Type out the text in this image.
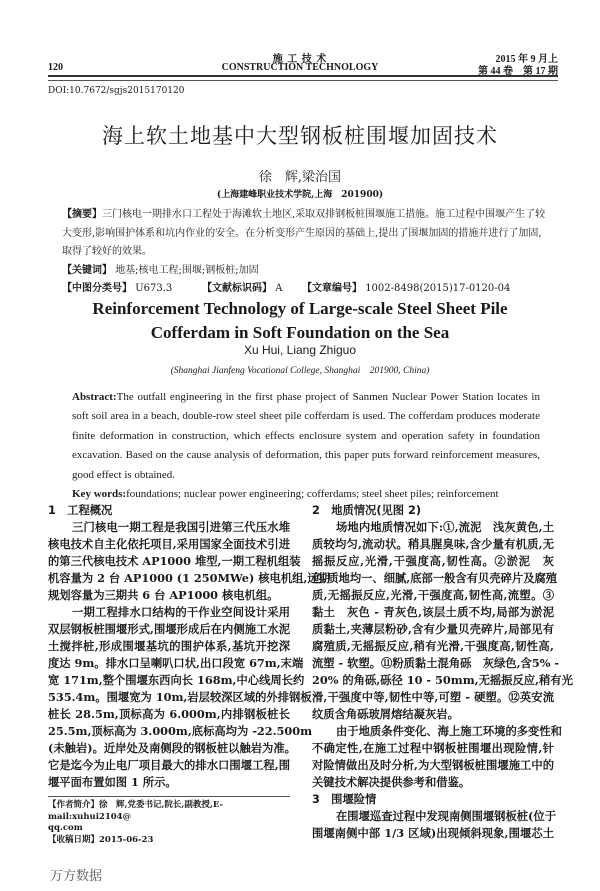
120
施 工 技 术
CONSTRUCTION TECHNOLOGY
2015 年 9 月上
第 44 卷　第 17 期
DOI:10.7672/sgjs2015170120
海上软土地基中大型钢板桩围堰加固技术
徐　辉,梁治国
(上海建峰职业技术学院,上海　201900)
【摘要】三门核电一期排水口工程处于海滩软土地区,采取双排钢板桩围堰施工措施。施工过程中围堰产生了较
大变形,影响围护体系和坑内作业的安全。在分析变形产生原因的基础上,提出了围堰加固的措施并进行了加固,
取得了较好的效果。
【关键词】 地基;核电工程;围堰;钢板桩;加固
【中图分类号】 U673.3	【文献标识码】 A 【文章编号】 1002-8498(2015)17-0120-04
Reinforcement Technology of Large-scale Steel Sheet Pile
Cofferdam in Soft Foundation on the Sea
Xu Hui, Liang Zhiguo
(Shanghai Jianfeng Vocational College, Shanghai　201900, China)
Abstract:The outfall engineering in the first phase project of Sanmen Nuclear Power Station locates in
soft soil area in a beach, double-row steel sheet pile cofferdam is used. The cofferdam produces moderate
finite deformation in construction, which effects enclosure system and operation safety in foundation
excavation. Based on the cause analysis of deformation, this paper puts forward reinforcement measures,
good effect is obtained.
Key words:foundations; nuclear power engineering; cofferdams; steel sheet piles; reinforcement
1　工程概况
三门核电一期工程是我国引进第三代压水堆
核电技术自主化依托项目,采用国家全面技术引进
的第三代核电技术 AP1000 堆型,一期工程机组装
机容量为 2 台 AP1000 (1 250MWe) 核电机组,远期
规划容量为三期共 6 台 AP1000 核电机组。
一期工程排水口结构的干作业空间设计采用
双层钢板桩围堰形式,围堰形成后在内侧施工水泥
土搅拌桩,形成围堰基坑的围护体系,基坑开挖深
度达 9m。排水口呈喇叭口状,出口段宽 67m,末端
宽 171m,整个围堰东西向长 168m,中心线周长约
535.4m。围堰宽为 10m,岩层较深区域的外排钢板
桩长 28.5m,顶标高为 6.000m,内排钢板桩长
25.5m,顶标高为 3.000m,底标高均为 -22.500m
(未触岩)。近岸处及南侧段的钢板桩以触岩为准。
它是迄今为止电厂项目最大的排水口围堰工程,围
堰平面布置如图 1 所示。
2　地质情况(见图 2)
场地内地质情况如下:①,流泥　浅灰黄色,土
质较均匀,流动状。稍具腥臭味,含少量有机质,无
摇振反应,光滑,干强度高,韧性高。②淤泥　灰
色,质地均一、细腻,底部一般含有贝壳碎片及腐殖
质,无摇振反应,光滑,干强度高,韧性高,流塑。③
黏土　灰色 - 青灰色,该层土质不均,局部为淤泥
质黏土,夹薄层粉砂,含有少量贝壳碎片,局部见有
腐殖质,无摇振反应,稍有光滑,干强度高,韧性高,
流塑 - 软塑。⑪粉质黏土混角砾　灰绿色,含5% -
20% 的角砾,砾径 10 - 50mm,无摇振反应,稍有光
滑,干强度中等,韧性中等,可塑 - 硬塑。⑫英安流
纹质含角砾玻屑熔结凝灰岩。
由于地质条件变化、海上施工环境的多变性和
不确定性,在施工过程中钢板桩围堰出现险情,针
对险情做出及时分析,为大型钢板桩围堰施工中的
关键技术解决提供参考和借鉴。
3　围堰险情
在围堰巡查过程中发现南侧围堰钢板桩(位于
围堰南侧中部 1/3 区域)出现倾斜现象,围堰芯土
【作者简介】徐　辉,党委书记,院长,副教授,E-mail:xuhui2104@
qq.com
【收稿日期】2015-06-23
万方数据
